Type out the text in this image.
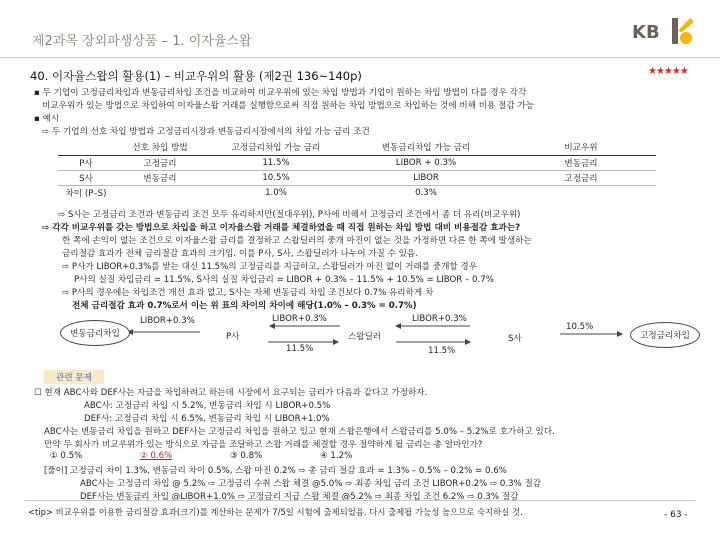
제2과목 장외파생상품 – 1. 이자율스왑	KB
40. 이자율스왑의 활용(1) – 비교우위의 활용 (제2권 136~140p)	★★★★★
▪ 두 기업이 고정금리차입과 변동금리차입 조건을 비교하여 비교우위에 있는 차입 방법과 기업이 원하는 차입 방법이 다를 경우 각각
비교우위가 있는 방법으로 차입하여 이자율스왑 거래를 실행함으로써 직접 원하는 차입 방법으로 차입하는 것에 비해 비용 절감 가능
▪ 예시
⇨ 두 기업의 선호 차입 방법과 고정금리시장과 변동금리시장에서의 차입 가능 금리 조건
	선호 차입 방법	고정금리차입 가능 금리	변동금리차입 가능 금리	비교우위
P사	고정금리	11.5%	LIBOR + 0.3%	변동금리
S사	변동금리	10.5%	LIBOR	고정금리
차이 (P–S)		1.0%	0.3%	
⇨ S사는 고정금리 조건과 변동금리 조건 모두 유리하지만(절대우위), P사에 비해서 고정금리 조건에서 좀 더 유리(비교우위)
⇨ 각각 비교우위를 갖는 방법으로 차입을 하고 이자율스왑 거래를 체결하였을 때 직접 원하는 차입 방법 대비 비용절감 효과는?
한 쪽에 손익이 없는 조건으로 이자율스왑 금리를 결정하고 스왑딜러의 중개 마진이 없는 것을 가정하면 다른 한 쪽에 발생하는
금리절감 효과가 전체 금리절감 효과의 크기임. 이를 P사, S사, 스왑딜러가 나누어 가질 수 있음.
⇨ P사가 LIBOR+0.3%를 받는 대신 11.5%의 고정금리를 지급하고, 스왑딜러가 마진 없이 거래를 중개할 경우
P사의 실질 차입금리 = 11.5%, S사의 실질 차입금리 = LIBOR + 0.3% – 11.5% + 10.5% = LIBOR – 0.7%
⇨ P사의 경우에는 차입조건 개선 효과 없고, S사는 자체 변동금리 차입 조건보다 0.7% 유리하게 차
전체 금리절감 효과 0.7%로서 이는 위 표의 차이의 차이에 해당(1.0% – 0.3% = 0.7%)
변동금리차입
LIBOR+0.3%
P사
LIBOR+0.3%
11.5%
스왑딜러
LIBOR+0.3%
11.5%
S사
10.5%
고정금리차입
관련 문제
☐ 현재 ABC사와 DEF사는 자금을 차입하려고 하는데 시장에서 요구되는 금리가 다음과 같다고 가정하자.
ABC사: 고정금리 차입 시 5.2%, 변동금리 차입 시 LIBOR+0.5%
DEF사: 고정금리 차입 시 6.5%, 변동금리 차입 시 LIBOR+1.0%
ABC사는 변동금리 차입을 원하고 DEF사는 고정금리 차입을 원하고 있고 현재 스왑은행에서 스왑금리를 5.0% – 5.2%로 호가하고 있다.
만약 두 회사가 비교우위가 있는 방식으로 자금을 조달하고 스왑 거래를 체결할 경우 절약하게 될 금리는 총 얼마인가?
① 0.5%	② 0.6%	③ 0.8%	④ 1.2%
[풀이] 고정금리 차이 1.3%, 변동금리 차이 0.5%, 스왑 마진 0.2% ⇨ 총 금리 절감 효과 = 1.3% – 0.5% – 0.2% = 0.6%
ABC사는 고정금리 차입 @ 5.2% ⇨ 고정금리 수취 스왑 체결 @5.0% ⇨ 최종 차입 금리 조건 LIBOR+0.2% ⇨ 0.3% 절감
DEF사는 변동금리 차입 @LIBOR+1.0% ⇨ 고정금리 지급 스왑 체결 @5.2% ⇨ 최종 차입 조건 6.2% ⇨ 0.3% 절감
<tip> 비교우위를 이용한 금리절감 효과(크기)를 계산하는 문제가 7/5일 시험에 출제되었음. 다시 출제될 가능성 높으므로 숙지하실 것.	- 63 -
